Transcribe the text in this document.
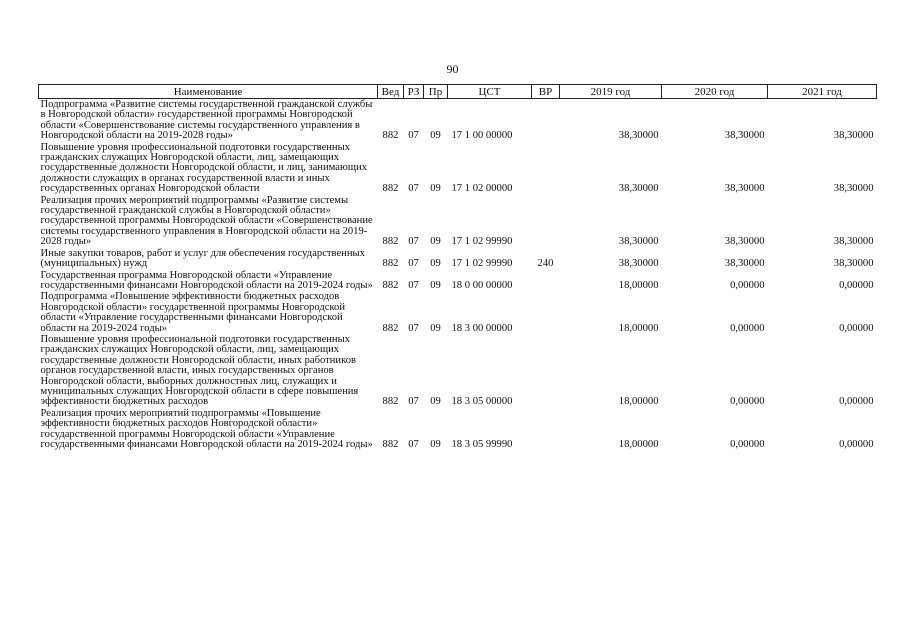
90
Наименование	Вед	РЗ	Пр	ЦСТ	ВР	2019 год	2020 год	2021 год
Подпрограмма «Развитие системы государственной гражданской службы в Новгородской области» государственной программы Новгородской области «Совершенствование системы государственного управления в Новгородской области на 2019-2028 годы»	882	07	09	17 1 00 00000		38,30000	38,30000	38,30000
Повышение уровня профессиональной подготовки государственных гражданских служащих Новгородской области, лиц, замещающих государственные должности Новгородской области, и лиц, занимающих должности служащих в органах государственной власти и иных государственных органах Новгородской области	882	07	09	17 1 02 00000		38,30000	38,30000	38,30000
Реализация прочих мероприятий подпрограммы «Развитие системы государственной гражданской службы в Новгородской области» государственной программы Новгородской области «Совершенствование системы государственного управления в Новгородской области на 2019-2028 годы»	882	07	09	17 1 02 99990		38,30000	38,30000	38,30000
Иные закупки товаров, работ и услуг для обеспечения государственных (муниципальных) нужд	882	07	09	17 1 02 99990	240	38,30000	38,30000	38,30000
Государственная программа Новгородской области «Управление государственными финансами Новгородской области на 2019-2024 годы»	882	07	09	18 0 00 00000		18,00000	0,00000	0,00000
Подпрограмма «Повышение эффективности бюджетных расходов Новгородской области» государственной программы Новгородской области «Управление государственными финансами Новгородской области на 2019-2024 годы»	882	07	09	18 3 00 00000		18,00000	0,00000	0,00000
Повышение уровня профессиональной подготовки государственных гражданских служащих Новгородской области, лиц, замещающих государственные должности Новгородской области, иных работников органов государственной власти, иных государственных органов Новгородской области, выборных должностных лиц, служащих и муниципальных служащих Новгородской области в сфере повышения эффективности бюджетных расходов	882	07	09	18 3 05 00000		18,00000	0,00000	0,00000
Реализация прочих мероприятий подпрограммы «Повышение эффективности бюджетных расходов Новгородской области» государственной программы Новгородской области «Управление государственными финансами Новгородской области на 2019-2024 годы»	882	07	09	18 3 05 99990		18,00000	0,00000	0,00000
